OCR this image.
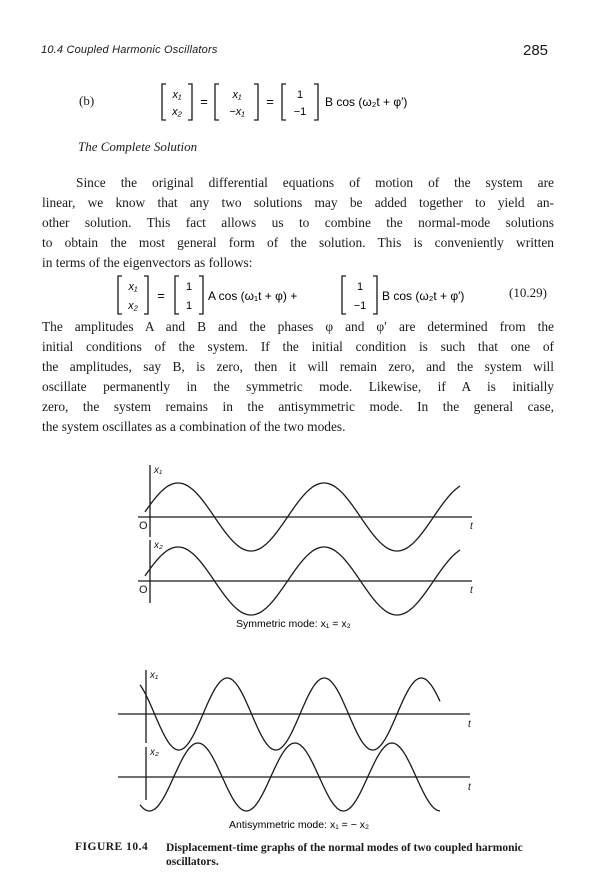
10.4 Coupled Harmonic Oscillators	285
(b)	x₁
x₂
= x₁
−x₁
= 1
−1
B cos (ω₂t + φ′)
The Complete Solution
Since the original differential equations of motion of the system are
linear, we know that any two solutions may be added together to yield an-
other solution. This fact allows us to combine the normal-mode solutions
to obtain the most general form of the solution. This is conveniently written
in terms of the eigenvectors as follows:
x₁
x₂
=
1
1
A cos (ω₁t + φ) +
1
−1
B cos (ω₂t + φ′)	(10.29)
The amplitudes A and B and the phases φ and φ′ are determined from the
initial conditions of the system. If the initial condition is such that one of
the amplitudes, say B, is zero, then it will remain zero, and the system will
oscillate permanently in the symmetric mode. Likewise, if A is initially
zero, the system remains in the antisymmetric mode. In the general case,
the system oscillates as a combination of the two modes.
x₁
O	t
x₂
O	t
x₁
t
x₂
t
Symmetric mode: x₁ = x₂
Antisymmetric mode: x₁ = − x₂
FIGURE 10.4 Displacement-time graphs of the normal modes of two coupled harmonic oscillators.
